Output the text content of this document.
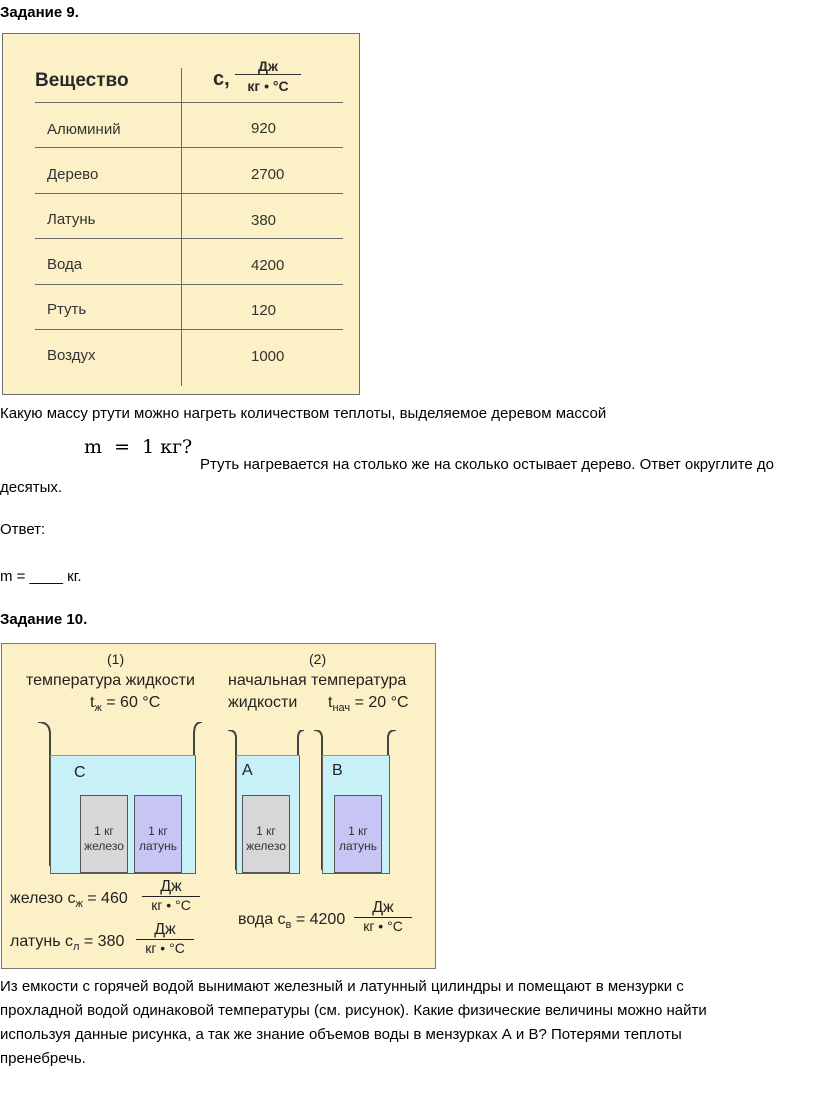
Задание 9.
Вещество	с,
Дж
кг • °С
Алюминий	920
Дерево	2700
Латунь	380
Вода	4200
Ртуть	120
Воздух	1000
Какую массу ртути можно нагреть количеством теплоты, выделяемое деревом массой
m  =  1 кг?
Ртуть нагревается на столько же на сколько остывает дерево. Ответ округлите до
десятых.
Ответ:
m = ____ кг.
Задание 10.
(1)	(2)
температура жидкости
$t_ж = 60$ °С
начальная температура
жидкости $t_{нач} = 20$ °С
С
1 кг
железо
1 кг
латунь
А
1 кг
железо
В
1 кг
латунь
железо $с_ж = 460$
Дж
кг • °С
латунь $с_л = 380$
Дж
кг • °С
вода $с_в = 4200$
Дж
кг • °С
Из емкости с горячей водой вынимают железный и латунный цилиндры и помещают в мензурки с
прохладной водой одинаковой температуры (см. рисунок). Какие физические величины можно найти
используя данные рисунка, а так же знание объемов воды в мензурках А и В? Потерями теплоты
пренебречь.
